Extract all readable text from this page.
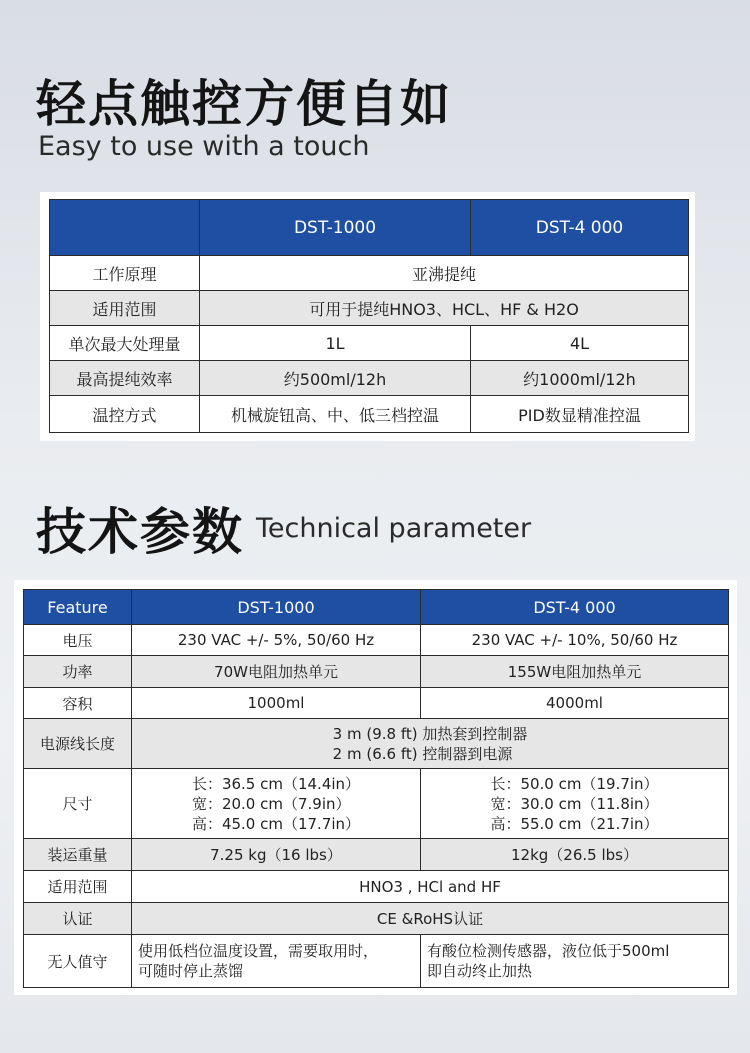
轻点触控方便自如
Easy to use with a touch
	DST-1000	DST-4 000
工作原理	亚沸提纯	
适用范围	可用于提纯HNO3、HCL、HF & H2O	
单次最大处理量	1L	4L
最高提纯效率	约500ml/12h	约1000ml/12h
温控方式	机械旋钮高、中、低三档控温	PID数显精准控温
技术参数 Technical parameter
Feature	DST-1000	DST-4 000
电压	230 VAC +/- 5%, 50/60 Hz	230 VAC +/- 10%, 50/60 Hz
功率	70W电阻加热单元	155W电阻加热单元
容积	1000ml	4000ml
电源线长度	3 m (9.8 ft) 加热套到控制器
2 m (6.6 ft) 控制器到电源	
尺寸	长：36.5 cm（14.4in）
宽：20.0 cm（7.9in）
高：45.0 cm（17.7in）	长：50.0 cm（19.7in）
宽：30.0 cm（11.8in）
高：55.0 cm（21.7in）
装运重量	7.25 kg（16 lbs）	12kg（26.5 lbs）
适用范围	HNO3 , HCl and HF	
认证	CE &RoHS认证	
无人值守	使用低档位温度设置，需要取用时，
可随时停止蒸馏	有酸位检测传感器，液位低于500ml
即自动终止加热
